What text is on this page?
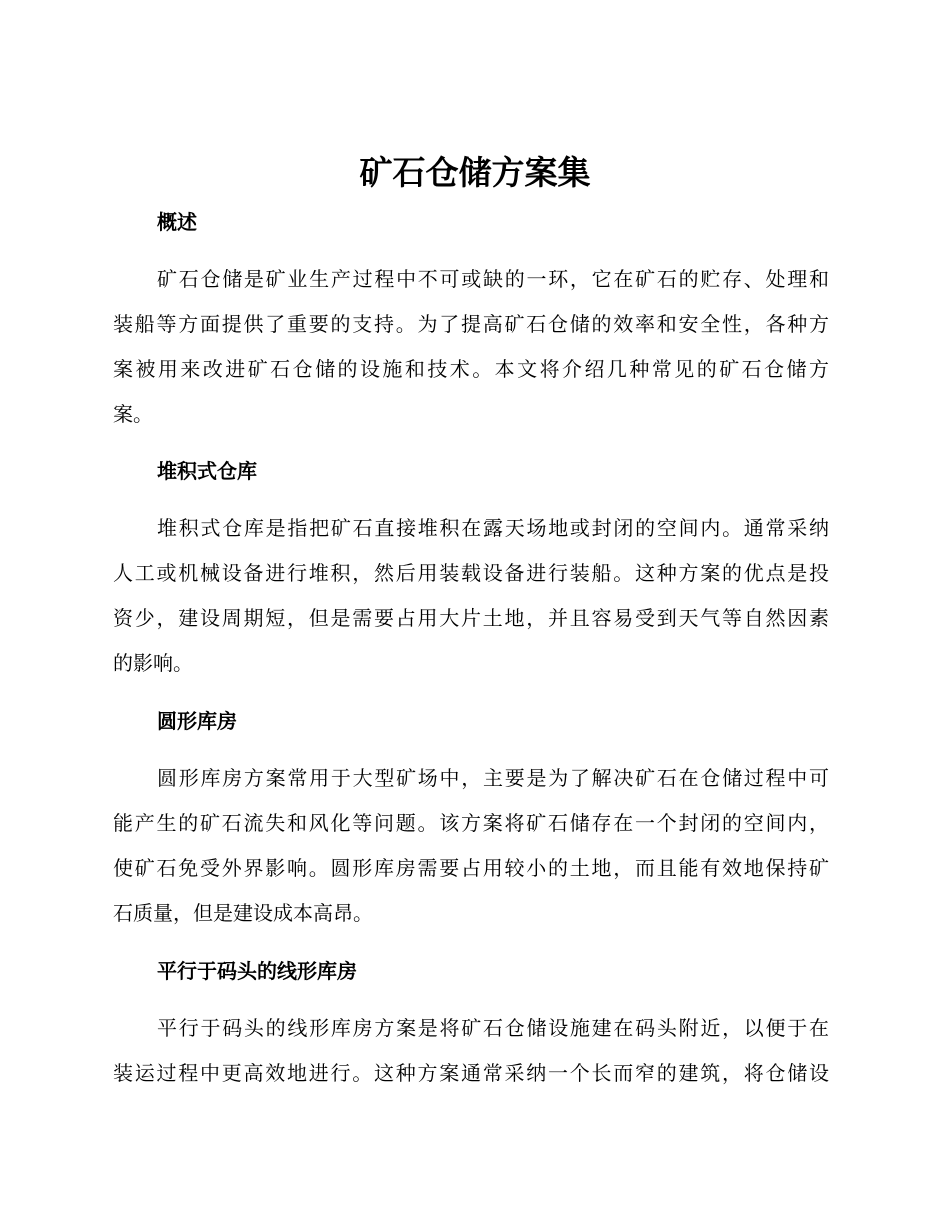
矿石仓储方案集
概述
矿石仓储是矿业生产过程中不可或缺的一环，它在矿石的贮存、处理和
装船等方面提供了重要的支持。为了提高矿石仓储的效率和安全性，各种方
案被用来改进矿石仓储的设施和技术。本文将介绍几种常见的矿石仓储方
案。
堆积式仓库
堆积式仓库是指把矿石直接堆积在露天场地或封闭的空间内。通常采纳
人工或机械设备进行堆积，然后用装载设备进行装船。这种方案的优点是投
资少，建设周期短，但是需要占用大片土地，并且容易受到天气等自然因素
的影响。
圆形库房
圆形库房方案常用于大型矿场中，主要是为了解决矿石在仓储过程中可
能产生的矿石流失和风化等问题。该方案将矿石储存在一个封闭的空间内，
使矿石免受外界影响。圆形库房需要占用较小的土地，而且能有效地保持矿
石质量，但是建设成本高昂。
平行于码头的线形库房
平行于码头的线形库房方案是将矿石仓储设施建在码头附近，以便于在
装运过程中更高效地进行。这种方案通常采纳一个长而窄的建筑，将仓储设
